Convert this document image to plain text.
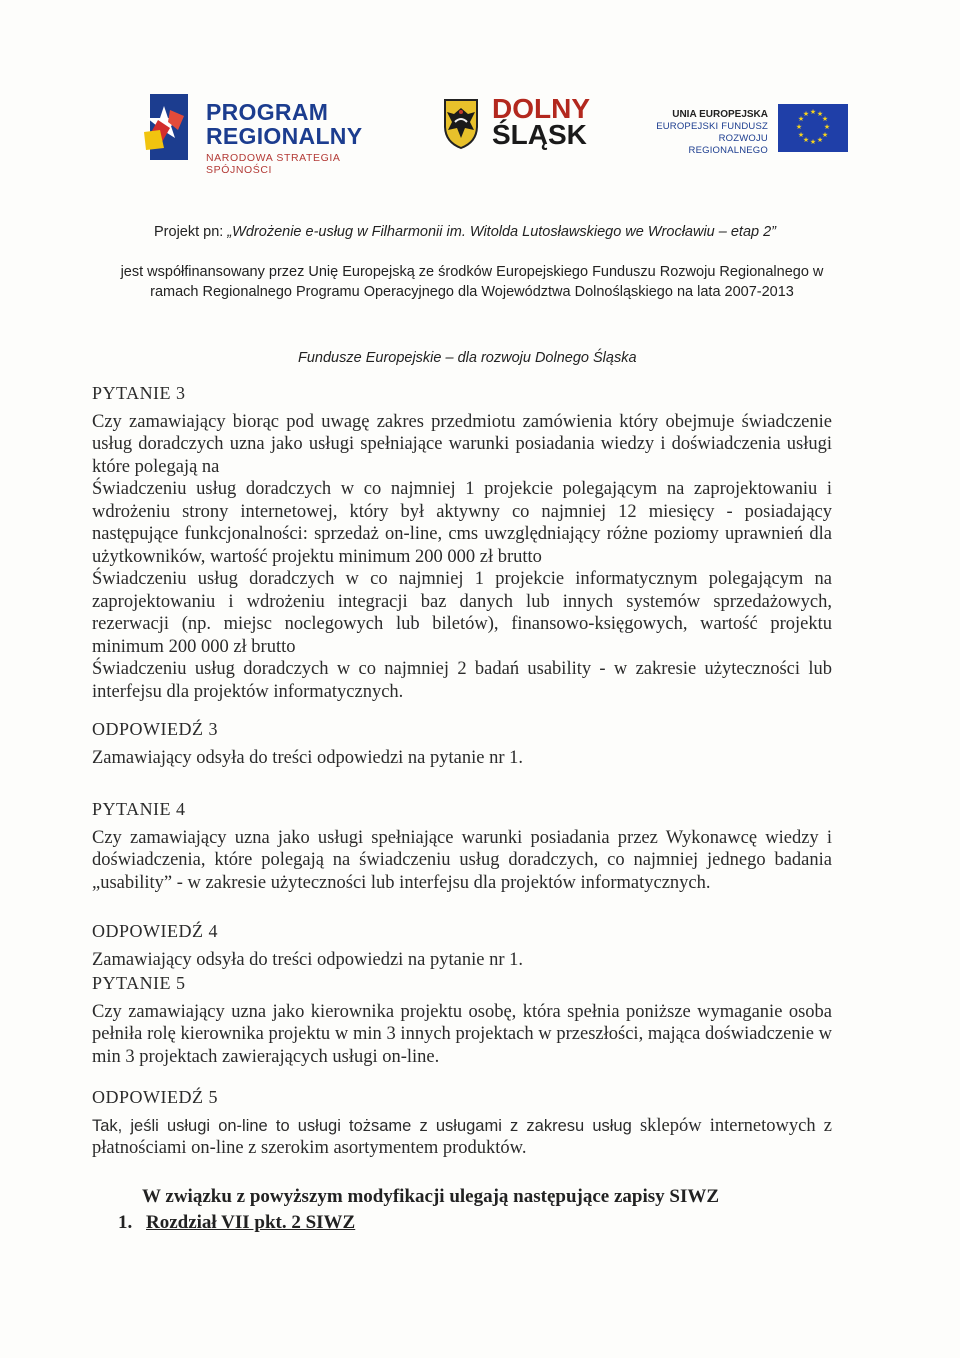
PROGRAM
REGIONALNY
NARODOWA STRATEGIA SPÓJNOŚCI
DOLNY
ŚLĄSK
UNIA EUROPEJSKA
EUROPEJSKI FUNDUSZ
ROZWOJU REGIONALNEGO
★ ★
★
★
★
★
★
★
★
★
★
★
Projekt pn: „Wdrożenie e-usług w Filharmonii im. Witolda Lutosławskiego we Wrocławiu – etap 2”
jest współfinansowany przez Unię Europejską ze środków Europejskiego Funduszu Rozwoju Regionalnego w
ramach Regionalnego Programu Operacyjnego dla Województwa Dolnośląskiego na lata 2007-2013
Fundusze Europejskie – dla rozwoju Dolnego Śląska
PYTANIE 3

Czy zamawiający biorąc pod uwagę zakres przedmiotu zamówienia który obejmuje świadczenie usług doradczych uzna jako usługi spełniające warunki posiadania wiedzy i doświadczenia usługi które polegają na

Świadczeniu usług doradczych w co najmniej 1 projekcie polegającym na zaprojektowaniu i wdrożeniu strony internetowej, który był aktywny co najmniej 12 miesięcy - posiadający następujące funkcjonalności: sprzedaż on-line, cms uwzględniający różne poziomy uprawnień dla użytkowników, wartość projektu minimum 200 000 zł brutto

Świadczeniu usług doradczych w co najmniej 1 projekcie informatycznym polegającym na zaprojektowaniu i wdrożeniu integracji baz danych lub innych systemów sprzedażowych, rezerwacji (np. miejsc noclegowych lub biletów), finansowo-księgowych, wartość projektu minimum 200 000 zł brutto

Świadczeniu usług doradczych w co najmniej 2 badań usability - w zakresie użyteczności lub interfejsu dla projektów informatycznych.

ODPOWIEDŹ 3

Zamawiający odsyła do treści odpowiedzi na pytanie nr 1.

PYTANIE 4

Czy zamawiający uzna jako usługi spełniające warunki posiadania przez Wykonawcę wiedzy i doświadczenia, które polegają na świadczeniu usług doradczych, co najmniej jednego badania „usability” - w zakresie użyteczności lub interfejsu dla projektów informatycznych.

ODPOWIEDŹ 4

Zamawiający odsyła do treści odpowiedzi na pytanie nr 1.

PYTANIE 5

Czy zamawiający uzna jako kierownika projektu osobę, która spełnia poniższe wymaganie osoba pełniła rolę kierownika projektu w min 3 innych projektach w przeszłości, mająca doświadczenie w min 3 projektach zawierających usługi on-line.

ODPOWIEDŹ 5

Tak, jeśli usługi on-line to usługi tożsame z usługami z zakresu usług sklepów internetowych z płatnościami on-line z szerokim asortymentem produktów.

W związku z powyższym modyfikacji ulegają następujące zapisy SIWZ
1. Rozdział VII pkt. 2 SIWZ
